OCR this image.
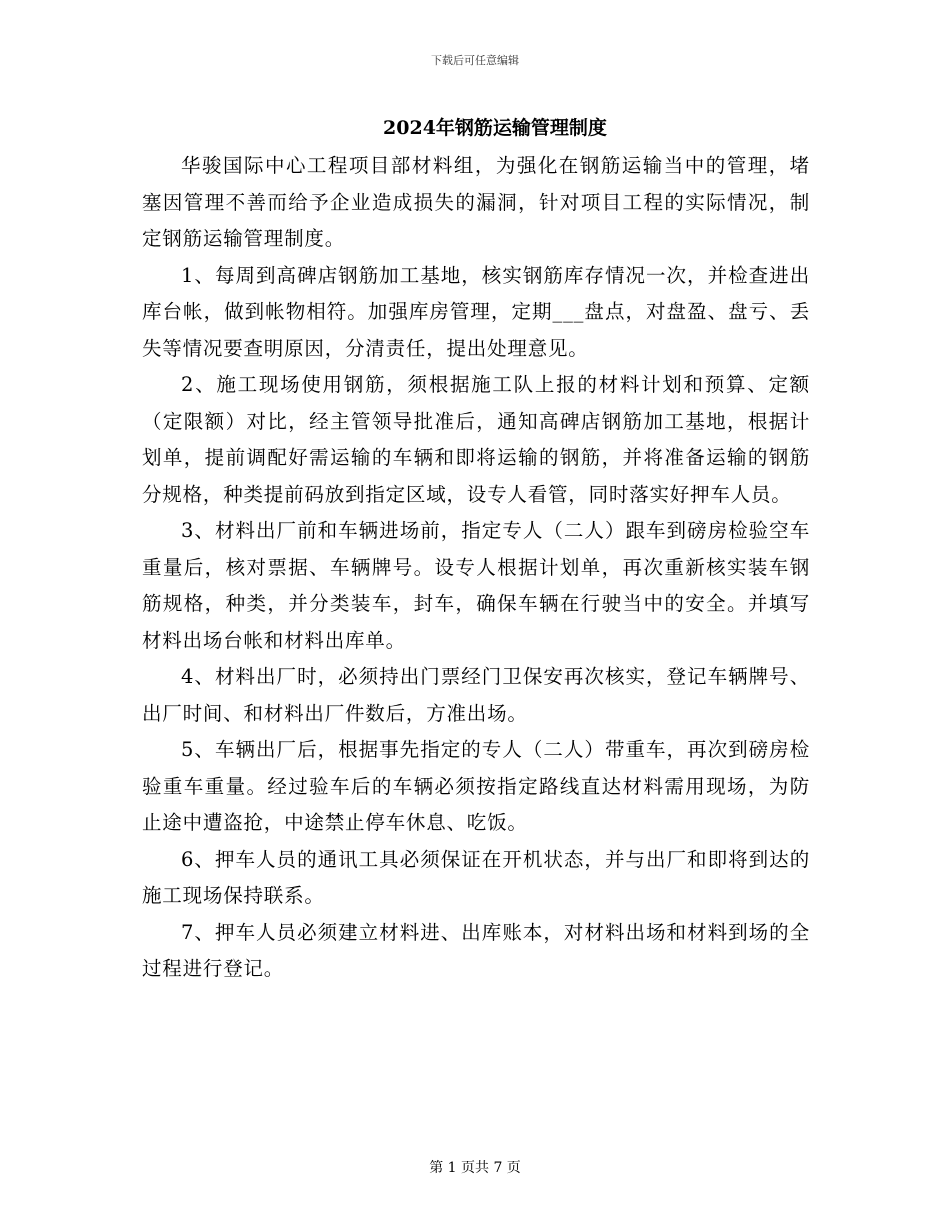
下载后可任意编辑
2024年钢筋运输管理制度

华骏国际中心工程项目部材料组，为强化在钢筋运输当中的管理，堵塞因管理不善而给予企业造成损失的漏洞，针对项目工程的实际情况，制定钢筋运输管理制度。

1、每周到高碑店钢筋加工基地，核实钢筋库存情况一次，并检查进出库台帐，做到帐物相符。加强库房管理，定期___盘点，对盘盈、盘亏、丢失等情况要查明原因，分清责任，提出处理意见。

2、施工现场使用钢筋，须根据施工队上报的材料计划和预算、定额（定限额）对比，经主管领导批准后，通知高碑店钢筋加工基地，根据计划单，提前调配好需运输的车辆和即将运输的钢筋，并将准备运输的钢筋分规格，种类提前码放到指定区域，设专人看管，同时落实好押车人员。

3、材料出厂前和车辆进场前，指定专人（二人）跟车到磅房检验空车重量后，核对票据、车辆牌号。设专人根据计划单，再次重新核实装车钢筋规格，种类，并分类装车，封车，确保车辆在行驶当中的安全。并填写材料出场台帐和材料出库单。

4、材料出厂时，必须持出门票经门卫保安再次核实，登记车辆牌号、出厂时间、和材料出厂件数后，方准出场。

5、车辆出厂后，根据事先指定的专人（二人）带重车，再次到磅房检验重车重量。经过验车后的车辆必须按指定路线直达材料需用现场，为防止途中遭盗抢，中途禁止停车休息、吃饭。

6、押车人员的通讯工具必须保证在开机状态，并与出厂和即将到达的施工现场保持联系。

7、押车人员必须建立材料进、出库账本，对材料出场和材料到场的全过程进行登记。

第 1 页共 7 页
